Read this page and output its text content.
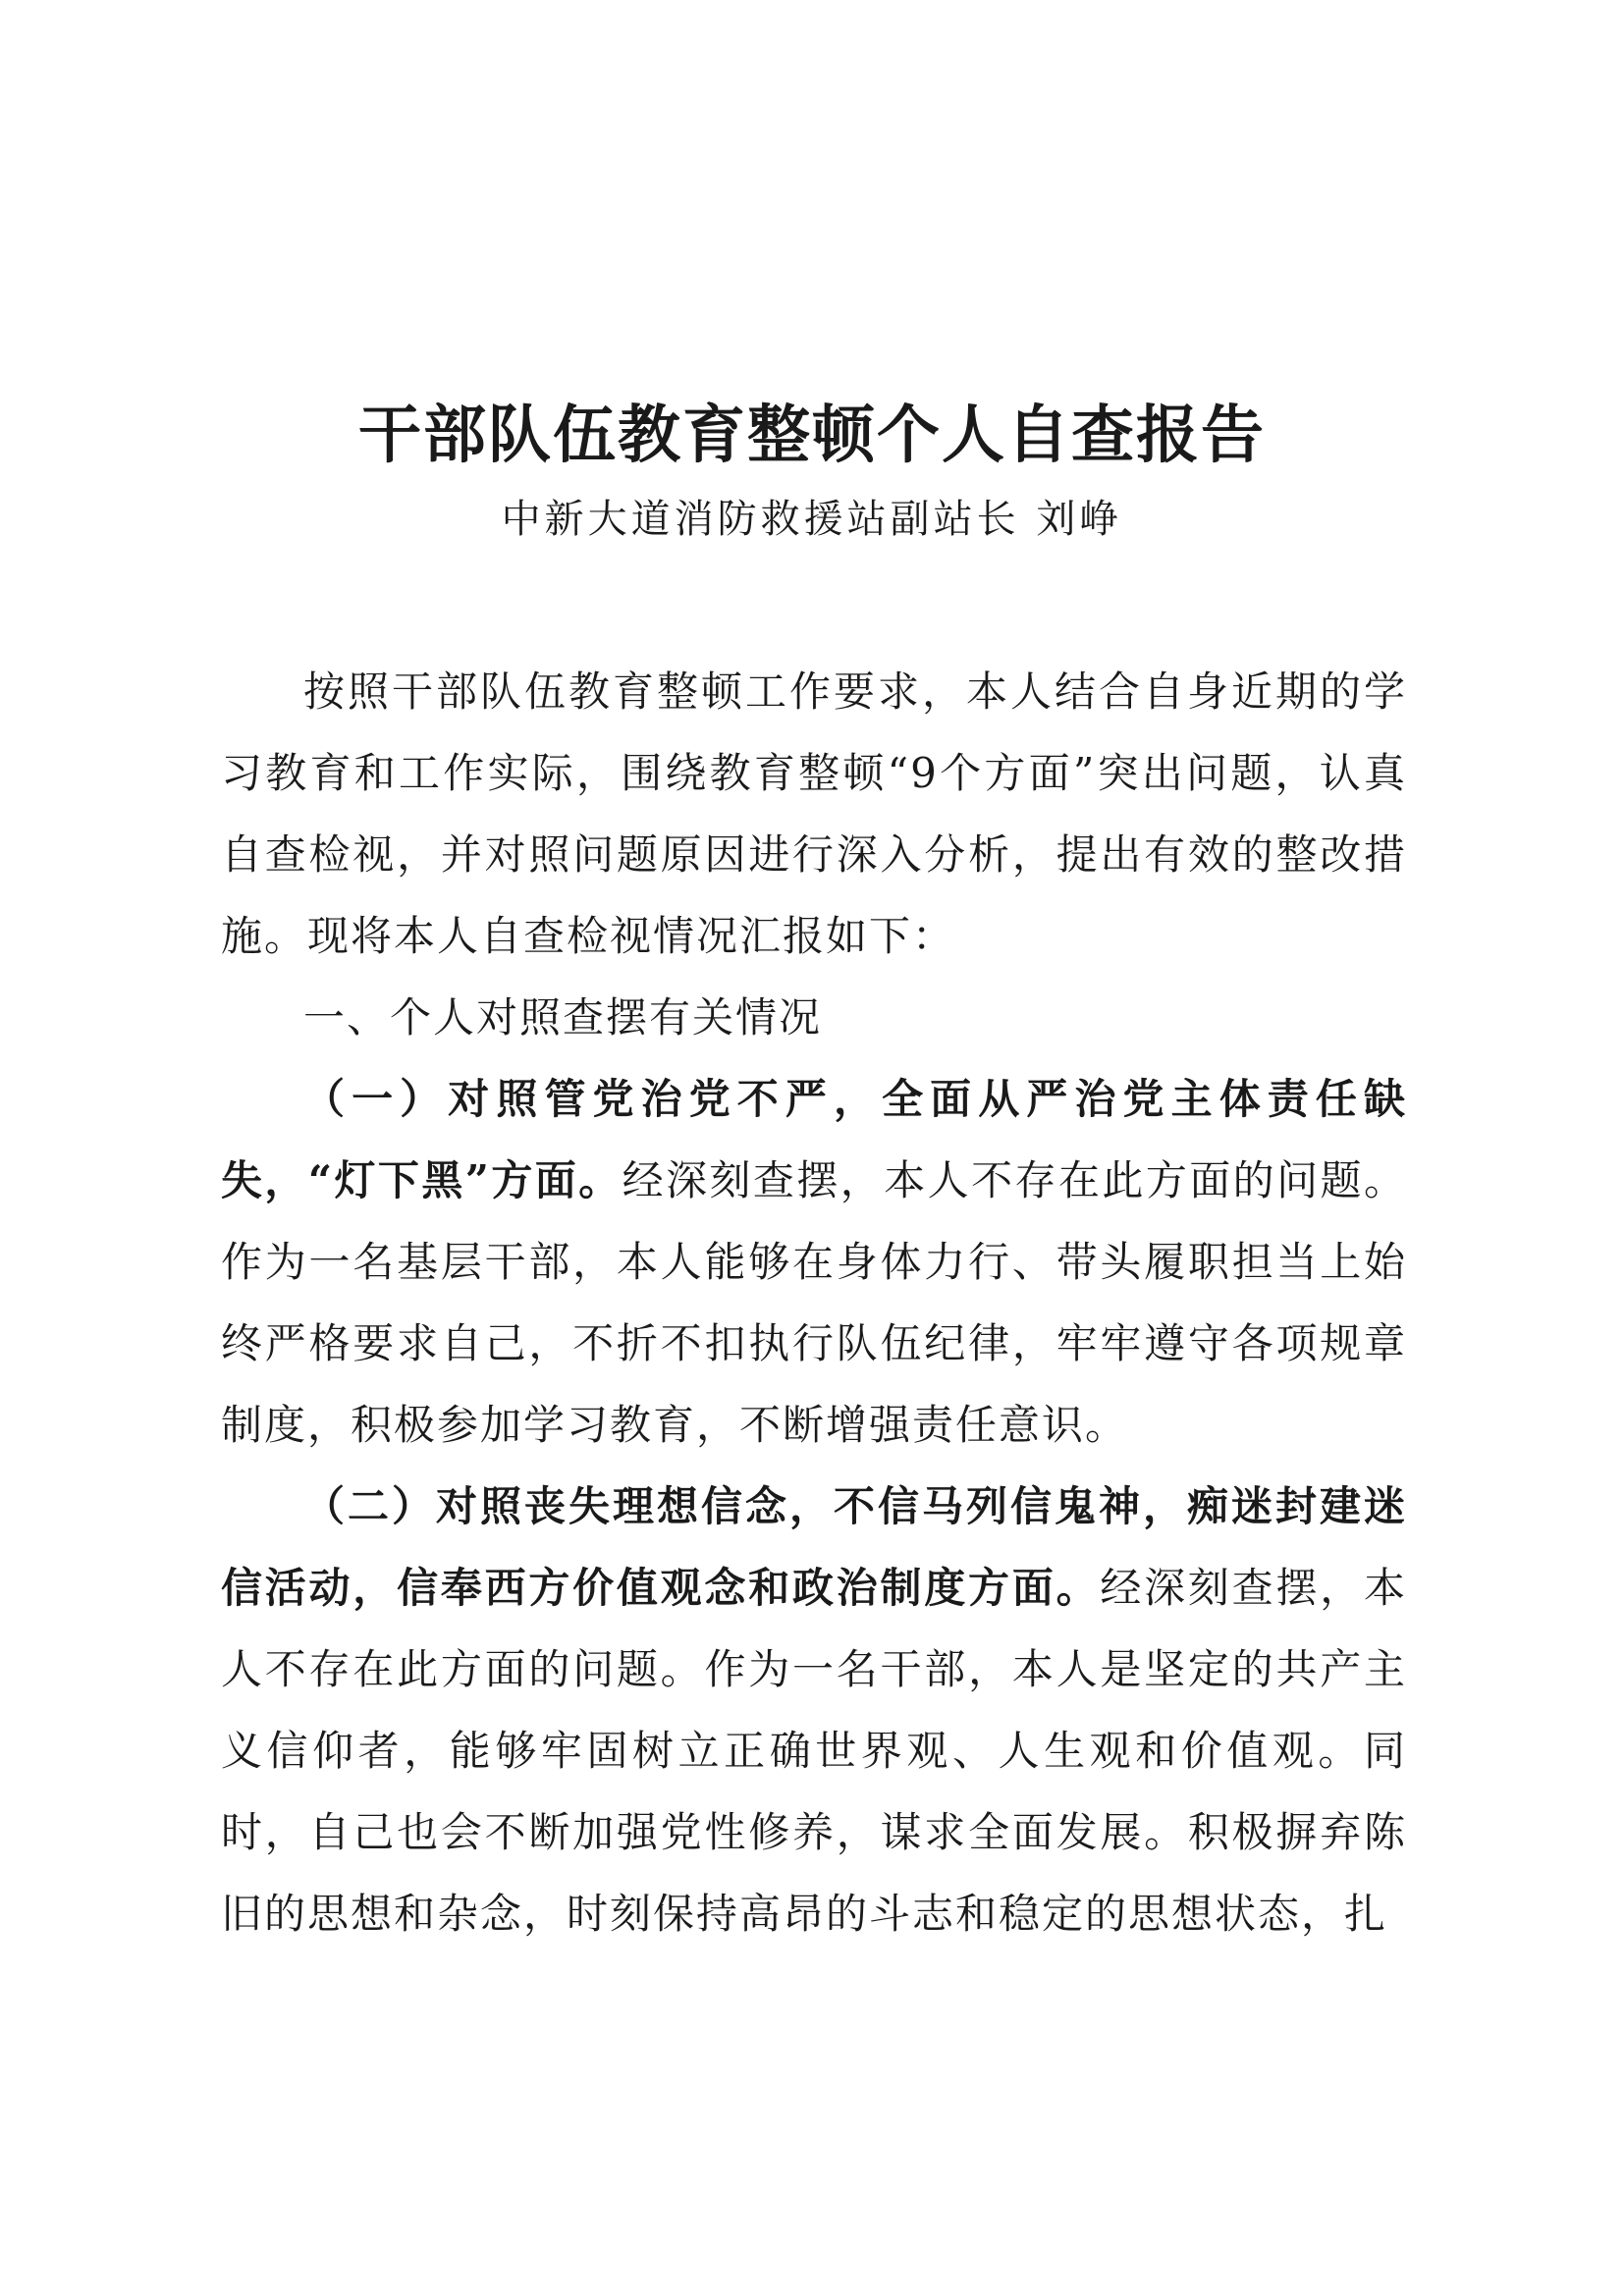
干部队伍教育整顿个人自查报告
中新大道消防救援站副站长 刘峥

按照干部队伍教育整顿工作要求，本人结合自身近期的学习教育和工作实际，围绕教育整顿“9个方面”突出问题，认真自查检视，并对照问题原因进行深入分析，提出有效的整改措施。现将本人自查检视情况汇报如下：

一、个人对照查摆有关情况

（一）对照管党治党不严，全面从严治党主体责任缺失，“灯下黑”方面。经深刻查摆，本人不存在此方面的问题。作为一名基层干部，本人能够在身体力行、带头履职担当上始终严格要求自己，不折不扣执行队伍纪律，牢牢遵守各项规章制度，积极参加学习教育，不断增强责任意识。

（二）对照丧失理想信念，不信马列信鬼神，痴迷封建迷信活动，信奉西方价值观念和政治制度方面。经深刻查摆，本人不存在此方面的问题。作为一名干部，本人是坚定的共产主义信仰者，能够牢固树立正确世界观、人生观和价值观。同时，自己也会不断加强党性修养，谋求全面发展。积极摒弃陈旧的思想和杂念，时刻保持高昂的斗志和稳定的思想状态，扎
